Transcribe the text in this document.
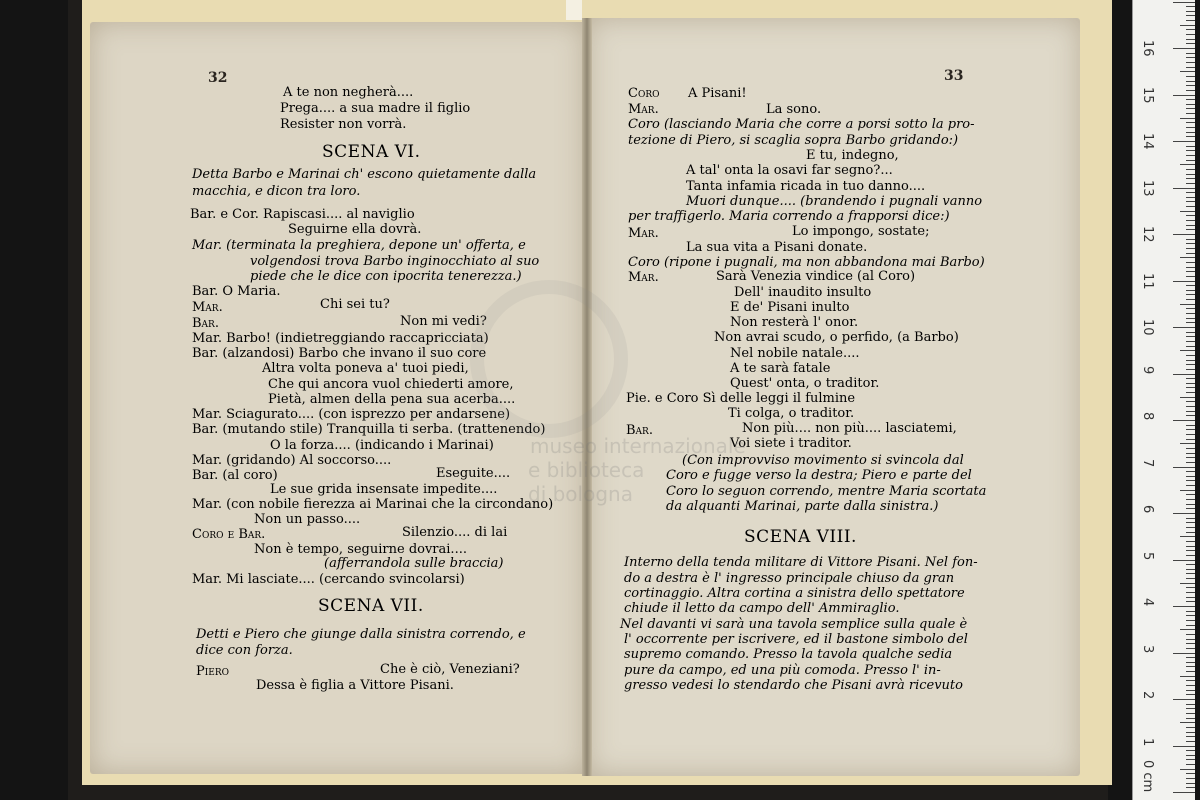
32	33
A te non negherà....
Prega.... a sua madre il figlio
Resister non vorrà.
Detta Barbo e Marinai ch' escono quietamente dalla
macchia, e dicon tra loro.
Bar. e Cor. Rapiscasi.... al naviglio
Seguirne ella dovrà.
Mar. (terminata la preghiera, depone un' offerta, e
volgendosi trova Barbo inginocchiato al suo
piede che le dice con ipocrita tenerezza.)
Bar. O Maria.
Mar.	Chi sei tu?
Bar.	Non mi vedi?
Mar. Barbo! (indietreggiando raccapricciata)
Bar. (alzandosi) Barbo che invano il suo core
Altra volta poneva a' tuoi piedi,
Che qui ancora vuol chiederti amore,
Pietà, almen della pena sua acerba....
Mar. Sciagurato.... (con isprezzo per andarsene)
Bar. (mutando stile) Tranquilla ti serba. (trattenendo)
O la forza.... (indicando i Marinai)
Mar. (gridando) Al soccorso....
Bar. (al coro)	Eseguite....
Le sue grida insensate impedite....
Mar. (con nobile fierezza ai Marinai che la circondano)
Non un passo....
Coro e Bar.	Silenzio.... di lai
Non è tempo, seguirne dovrai....
(afferrandola sulle braccia)
Mar. Mi lasciate.... (cercando svincolarsi)
Detti e Piero che giunge dalla sinistra correndo, e
dice con forza.
Piero	Che è ciò, Veneziani?
Dessa è figlia a Vittore Pisani.
SCENA VI.
SCENA VII.
Coro A Pisani!
Mar.	La sono.
Coro (lasciando Maria che corre a porsi sotto la pro-
tezione di Piero, si scaglia sopra Barbo gridando:)
E tu, indegno,
A tal' onta la osavi far segno?...
Tanta infamia ricada in tuo danno....
Muori dunque.... (brandendo i pugnali vanno
per traffigerlo. Maria correndo a frapporsi dice:)
Mar.	Lo impongo, sostate;
La sua vita a Pisani donate.
Coro (ripone i pugnali, ma non abbandona mai Barbo)
Mar.	Sarà Venezia vindice (al Coro)
Dell' inaudito insulto
E de' Pisani inulto
Non resterà l' onor.
Non avrai scudo, o perfido, (a Barbo)
Nel nobile natale....
A te sarà fatale
Quest' onta, o traditor.
Pie. e Coro Sì delle leggi il fulmine
Ti colga, o traditor.
Bar.	Non più.... non più.... lasciatemi,
Voi siete i traditor.
(Con improvviso movimento si svincola dal
Coro e fugge verso la destra; Piero e parte del
Coro lo seguon correndo, mentre Maria scortata
da alquanti Marinai, parte dalla sinistra.)
Interno della tenda militare di Vittore Pisani. Nel fon-
do a destra è l' ingresso principale chiuso da gran
cortinaggio. Altra cortina a sinistra dello spettatore
chiude il letto da campo dell' Ammiraglio.
Nel davanti vi sarà una tavola semplice sulla quale è
l' occorrente per iscrivere, ed il bastone simbolo del
supremo comando. Presso la tavola qualche sedia
pure da campo, ed una più comoda. Presso l' in-
gresso vedesi lo stendardo che Pisani avrà ricevuto
SCENA VIII.
museo internazionale
e biblioteca
di bologna
0 cm
1
2
3
4
5
6
7
8
9
10
11
12
13
14
15
16
